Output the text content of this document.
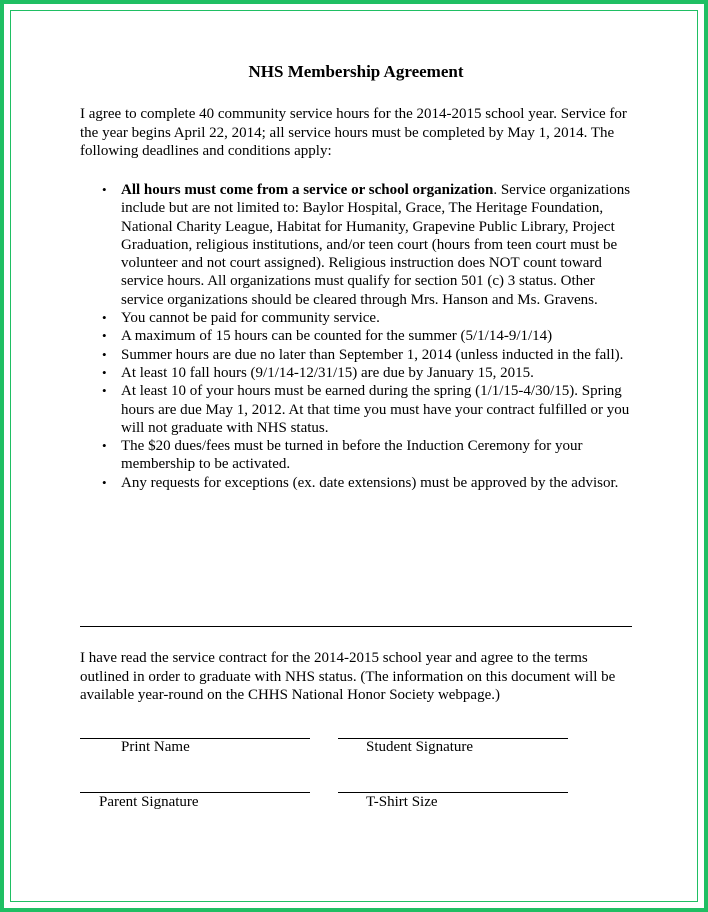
NHS Membership Agreement
I agree to complete 40 community service hours for the 2014-2015 school year. Service for the year begins April 22, 2014; all service hours must be completed by May 1, 2014. The following deadlines and conditions apply:
• All hours must come from a service or school organization. Service organizations include but are not limited to: Baylor Hospital, Grace, The Heritage Foundation, National Charity League, Habitat for Humanity, Grapevine Public Library, Project Graduation, religious institutions, and/or teen court (hours from teen court must be volunteer and not court assigned). Religious instruction does NOT count toward service hours. All organizations must qualify for section 501 (c) 3 status. Other service organizations should be cleared through Mrs. Hanson and Ms. Gravens.
• You cannot be paid for community service.
• A maximum of 15 hours can be counted for the summer (5/1/14-9/1/14)
• Summer hours are due no later than September 1, 2014 (unless inducted in the fall).
• At least 10 fall hours (9/1/14-12/31/15) are due by January 15, 2015.
• At least 10 of your hours must be earned during the spring (1/1/15-4/30/15). Spring hours are due May 1, 2012. At that time you must have your contract fulfilled or you will not graduate with NHS status.
• The $20 dues/fees must be turned in before the Induction Ceremony for your membership to be activated.
• Any requests for exceptions (ex. date extensions) must be approved by the advisor.
I have read the service contract for the 2014-2015 school year and agree to the terms outlined in order to graduate with NHS status. (The information on this document will be available year-round on the CHHS National Honor Society webpage.)
Print Name	Student Signature
Parent Signature	T-Shirt Size
